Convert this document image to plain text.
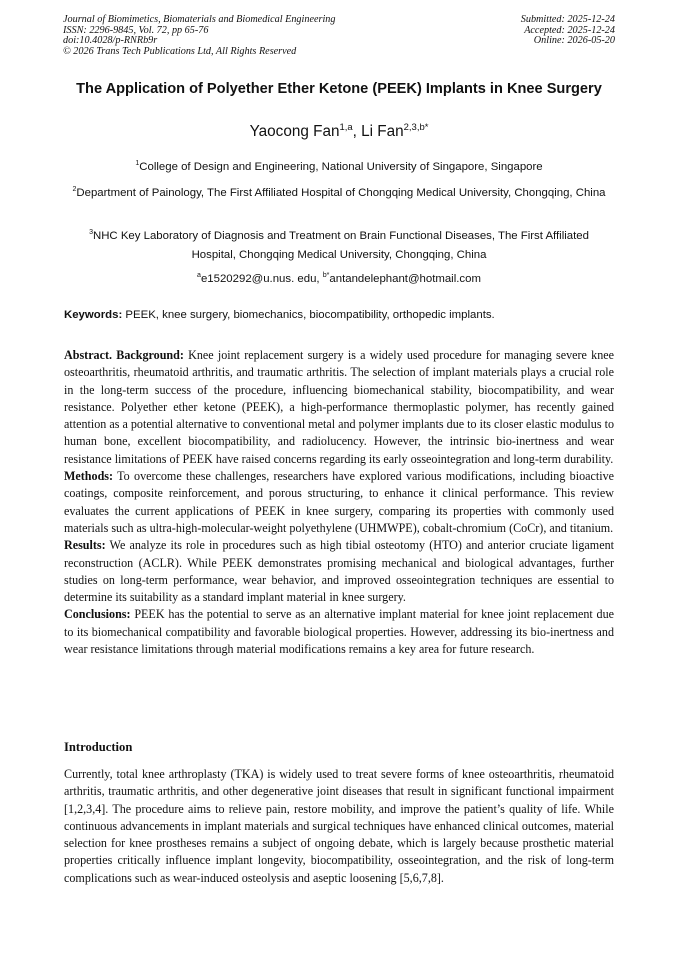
Journal of Biomimetics, Biomaterials and Biomedical Engineering
ISSN: 2296-9845, Vol. 72, pp 65-76
doi:10.4028/p-RNRb9r
© 2026 Trans Tech Publications Ltd, All Rights Reserved
Submitted: 2025-12-24
Accepted: 2025-12-24
Online: 2026-05-20
The Application of Polyether Ether Ketone (PEEK) Implants in Knee Surgery
Yaocong Fan$^{1,a}$, Li Fan$^{2,3,b*}$
$^1$College of Design and Engineering, National University of Singapore, Singapore
$^2$Department of Painology, The First Affiliated Hospital of Chongqing Medical University, Chongqing, China
$^3$NHC Key Laboratory of Diagnosis and Treatment on Brain Functional Diseases, The First Affiliated Hospital, Chongqing Medical University, Chongqing, China
$^a$e1520292@u.nus. edu, $^{b*}$antandelephant@hotmail.com
Keywords: PEEK, knee surgery, biomechanics, biocompatibility, orthopedic implants.

Abstract. Background: Knee joint replacement surgery is a widely used procedure for managing severe knee osteoarthritis, rheumatoid arthritis, and traumatic arthritis. The selection of implant materials plays a crucial role in the long-term success of the procedure, influencing biomechanical stability, biocompatibility, and wear resistance. Polyether ether ketone (PEEK), a high-performance thermoplastic polymer, has recently gained attention as a potential alternative to conventional metal and polymer implants due to its closer elastic modulus to human bone, excellent biocompatibility, and radiolucency. However, the intrinsic bio-inertness and wear resistance limitations of PEEK have raised concerns regarding its early osseointegration and long-term durability.

Methods: To overcome these challenges, researchers have explored various modifications, including bioactive coatings, composite reinforcement, and porous structuring, to enhance it clinical performance. This review evaluates the current applications of PEEK in knee surgery, comparing its properties with commonly used materials such as ultra-high-molecular-weight polyethylene (UHMWPE), cobalt-chromium (CoCr), and titanium.

Results: We analyze its role in procedures such as high tibial osteotomy (HTO) and anterior cruciate ligament reconstruction (ACLR). While PEEK demonstrates promising mechanical and biological advantages, further studies on long-term performance, wear behavior, and improved osseointegration techniques are essential to determine its suitability as a standard implant material in knee surgery.

Conclusions: PEEK has the potential to serve as an alternative implant material for knee joint replacement due to its biomechanical compatibility and favorable biological properties. However, addressing its bio-inertness and wear resistance limitations through material modifications remains a key area for future research.

Introduction

Currently, total knee arthroplasty (TKA) is widely used to treat severe forms of knee osteoarthritis, rheumatoid arthritis, traumatic arthritis, and other degenerative joint diseases that result in significant functional impairment [1,2,3,4]. The procedure aims to relieve pain, restore mobility, and improve the patient’s quality of life. While continuous advancements in implant materials and surgical techniques have enhanced clinical outcomes, material selection for knee prostheses remains a subject of ongoing debate, which is largely because prosthetic material properties critically influence implant longevity, biocompatibility, osseointegration, and the risk of long-term complications such as wear-induced osteolysis and aseptic loosening [5,6,7,8].
